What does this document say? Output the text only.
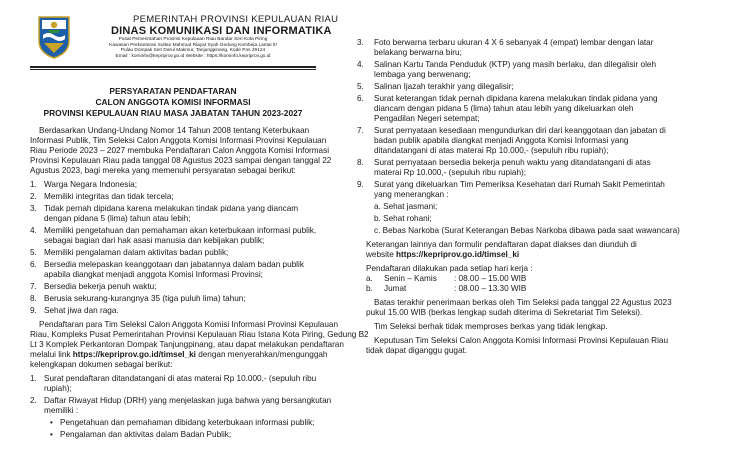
PEMERINTAH PROVINSI KEPULAUAN RIAU
DINAS KOMUNIKASI DAN INFORMATIKA
Pusat Pemerintahan Provinsi Kepulauan Riau Bandar Seri Kota Piring
Kawasan Perkantoran Sultan Mahmud Riayat Syah Gedung Kembeja Lantai III
Pulau Dompak Seri Darul Makmur, Tanjungpinang, Kode Pos 29124
Email : kominfo@kepriprov.go.id Website : https://kominfo.kepriprov.go.id
PERSYARATAN PENDAFTARAN
CALON ANGGOTA KOMISI INFORMASI
PROVINSI KEPULAUAN RIAU MASA JABATAN TAHUN 2023-2027
Berdasarkan Undang-Undang Nomor 14 Tahun 2008 tentang Keterbukaan
Informasi Publik, Tim Seleksi Calon Anggota Komisi Informasi Provinsi Kepulauan
Riau Periode 2023 – 2027 membuka Pendaftaran Calon Anggota Komisi Informasi
Provinsi Kepulauan Riau pada tanggal 08 Agustus 2023 sampai dengan tanggal 22
Agustus 2023, bagi mereka yang memenuhi persyaratan sebagai berikut:
1. Warga Negara Indonesia;
2. Memiliki integritas dan tidak tercela;
3. Tidak pernah dipidana karena melakukan tindak pidana yang diancam
dengan pidana 5 (lima) tahun atau lebih;
4. Memiliki pengetahuan dan pemahaman akan keterbukaan informasi publik,
sebagai bagian dari hak asasi manusia dan kebijakan publik;
5. Memiliki pengalaman dalam aktivitas badan publik;
6. Bersedia melepaskan keanggotaan dan jabatannya dalam badan publik
apabila diangkat menjadi anggota Komisi Informasi Provinsi;
7. Bersedia bekerja penuh waktu;
8. Berusia sekurang-kurangnya 35 (tiga puluh lima) tahun;
9. Sehat jiwa dan raga.
Pendaftaran para Tim Seleksi Calon Anggota Komisi Informasi Provinsi Kepulauan
Riau, Kompleks Pusat Pemerintahan Provinsi Kepulauan Riau Istana Kota Piring, Gedung B2
Lt 3 Komplek Perkantoran Dompak Tanjungpinang, atau dapat melakukan pendaftaran
melalui link https://kepriprov.go.id/timsel_ki dengan menyerahkan/mengunggah
kelengkapan dokumen sebagai berikut:
1. Surat pendaftaran ditandatangani di atas materai Rp 10.000,- (sepuluh ribu
rupiah);
2. Daftar Riwayat Hidup (DRH) yang menjelaskan juga bahwa yang bersangkutan
memiliki :
• Pengetahuan dan pemahaman dibidang keterbukaan informasi publik;
• Pengalaman dan aktivitas dalam Badan Publik;
3. Foto berwarna terbaru ukuran 4 X 6 sebanyak 4 (empat) lembar dengan latar
belakang berwarna biru;
4. Salinan Kartu Tanda Penduduk (KTP) yang masih berlaku, dan dilegalisir oleh
lembaga yang berwenang;
5. Salinan Ijazah terakhir yang dilegalisir;
6. Surat keterangan tidak pernah dipidana karena melakukan tindak pidana yang
diancam dengan pidana 5 (lima) tahun atau lebih yang dikeluarkan oleh
Pengadilan Negeri setempat;
7. Surat pernyataan kesediaan mengundurkan diri dari keanggotaan dan jabatan di
badan publik apabila diangkat menjadi Anggota Komisi Informasi yang
ditandatangani di atas materai Rp 10.000,- (sepuluh ribu rupiah);
8. Surat pernyataan bersedia bekerja penuh waktu yang ditandatangani di atas
materai Rp 10.000,- (sepuluh ribu rupiah);
9. Surat yang dikeluarkan Tim Pemeriksa Kesehatan dari Rumah Sakit Pemerintah
yang menerangkan :
a. Sehat jasmani;
b. Sehat rohani;
c. Bebas Narkoba (Surat Keterangan Bebas Narkoba dibawa pada saat wawancara)
Keterangan lainnya dan formulir pendaftaran dapat diakses dan diunduh di
website https://kepriprov.go.id/timsel_ki
Pendaftaran dilakukan pada setiap hari kerja :
a. Senin – Kamis : 08.00 – 15.00 WIB
b. Jumat	: 08.00 – 13.30 WIB
Batas terakhir penerimaan berkas oleh Tim Seleksi pada tanggal 22 Agustus 2023
pukul 15.00 WIB (berkas lengkap sudah diterima di Sekretariat Tim Seleksi).
Tim Seleksi berhak tidak memproses berkas yang tidak lengkap.
Keputusan Tim Seleksi Calon Anggota Komisi Informasi Provinsi Kepulauan Riau
tidak dapat diganggu gugat.
